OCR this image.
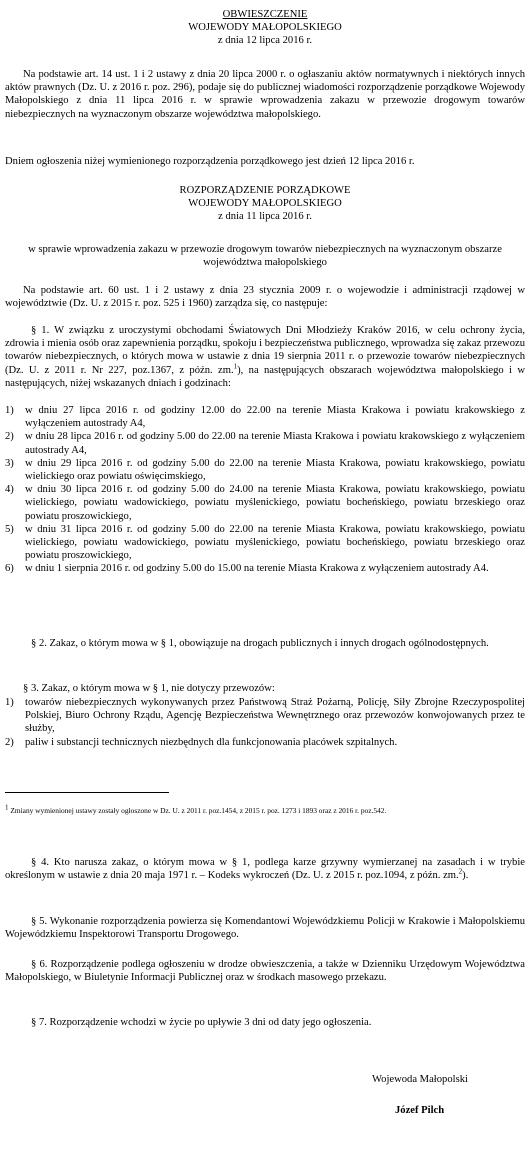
OBWIESZCZENIE
WOJEWODY MAŁOPOLSKIEGO
z dnia 12 lipca 2016 r.

Na podstawie art. 14 ust. 1 i 2 ustawy z dnia 20 lipca 2000 r. o ogłaszaniu aktów normatywnych i niektórych innych aktów prawnych (Dz. U. z 2016 r. poz. 296), podaje się do publicznej wiadomości rozporządzenie porządkowe Wojewody Małopolskiego z dnia 11 lipca 2016 r. w sprawie wprowadzenia zakazu w przewozie drogowym towarów niebezpiecznych na wyznaczonym obszarze województwa małopolskiego.

Dniem ogłoszenia niżej wymienionego rozporządzenia porządkowego jest dzień 12 lipca 2016 r.

ROZPORZĄDZENIE PORZĄDKOWE
WOJEWODY MAŁOPOLSKIEGO
z dnia 11 lipca 2016 r.

w sprawie wprowadzenia zakazu w przewozie drogowym towarów niebezpiecznych na wyznaczonym obszarze województwa małopolskiego

Na podstawie art. 60 ust. 1 i 2 ustawy z dnia 23 stycznia 2009 r. o wojewodzie i administracji rządowej w województwie (Dz. U. z 2015 r. poz. 525 i 1960) zarządza się, co następuje:

§ 1. W związku z uroczystymi obchodami Światowych Dni Młodzieży Kraków 2016, w celu ochrony życia, zdrowia i mienia osób oraz zapewnienia porządku, spokoju i bezpieczeństwa publicznego, wprowadza się zakaz przewozu towarów niebezpiecznych, o których mowa w ustawie z dnia 19 sierpnia 2011 r. o przewozie towarów niebezpiecznych (Dz. U. z 2011 r. Nr 227, poz.1367, z późn. zm.$^1$), na następujących obszarach województwa małopolskiego i w następujących, niżej wskazanych dniach i godzinach:

1) w dniu 27 lipca 2016 r. od godziny 12.00 do 22.00 na terenie Miasta Krakowa i powiatu krakowskiego z wyłączeniem autostrady A4,
2) w dniu 28 lipca 2016 r. od godziny 5.00 do 22.00 na terenie Miasta Krakowa i powiatu krakowskiego z wyłączeniem autostrady A4,
3) w dniu 29 lipca 2016 r. od godziny 5.00 do 22.00 na terenie Miasta Krakowa, powiatu krakowskiego, powiatu wielickiego oraz powiatu oświęcimskiego,
4) w dniu 30 lipca 2016 r. od godziny 5.00 do 24.00 na terenie Miasta Krakowa, powiatu krakowskiego, powiatu wielickiego, powiatu wadowickiego, powiatu myślenickiego, powiatu bocheńskiego, powiatu brzeskiego oraz powiatu proszowickiego,
5) w dniu 31 lipca 2016 r. od godziny 5.00 do 22.00 na terenie Miasta Krakowa, powiatu krakowskiego, powiatu wielickiego, powiatu wadowickiego, powiatu myślenickiego, powiatu bocheńskiego, powiatu brzeskiego oraz powiatu proszowickiego,
6) w dniu 1 sierpnia 2016 r. od godziny 5.00 do 15.00 na terenie Miasta Krakowa z wyłączeniem autostrady A4.

§ 2. Zakaz, o którym mowa w § 1, obowiązuje na drogach publicznych i innych drogach ogólnodostępnych.

§ 3. Zakaz, o którym mowa w § 1, nie dotyczy przewozów:

1) towarów niebezpiecznych wykonywanych przez Państwową Straż Pożarną, Policję, Siły Zbrojne Rzeczypospolitej Polskiej, Biuro Ochrony Rządu, Agencję Bezpieczeństwa Wewnętrznego oraz przewozów konwojowanych przez te służby,
2) paliw i substancji technicznych niezbędnych dla funkcjonowania placówek szpitalnych.

$^1$ Zmiany wymienionej ustawy zostały ogłoszone w Dz. U. z 2011 r. poz.1454, z 2015 r. poz. 1273 i 1893 oraz z 2016 r. poz.542.

§ 4. Kto narusza zakaz, o którym mowa w § 1, podlega karze grzywny wymierzanej na zasadach i w trybie określonym w ustawie z dnia 20 maja 1971 r. – Kodeks wykroczeń (Dz. U. z 2015 r. poz.1094, z późn. zm.$^2$).

§ 5. Wykonanie rozporządzenia powierza się Komendantowi Wojewódzkiemu Policji w Krakowie i Małopolskiemu Wojewódzkiemu Inspektorowi Transportu Drogowego.

§ 6. Rozporządzenie podlega ogłoszeniu w drodze obwieszczenia, a także w Dzienniku Urzędowym Województwa Małopolskiego, w Biuletynie Informacji Publicznej oraz w środkach masowego przekazu.

§ 7. Rozporządzenie wchodzi w życie po upływie 3 dni od daty jego ogłoszenia.

Wojewoda Małopolski
Józef Pilch
